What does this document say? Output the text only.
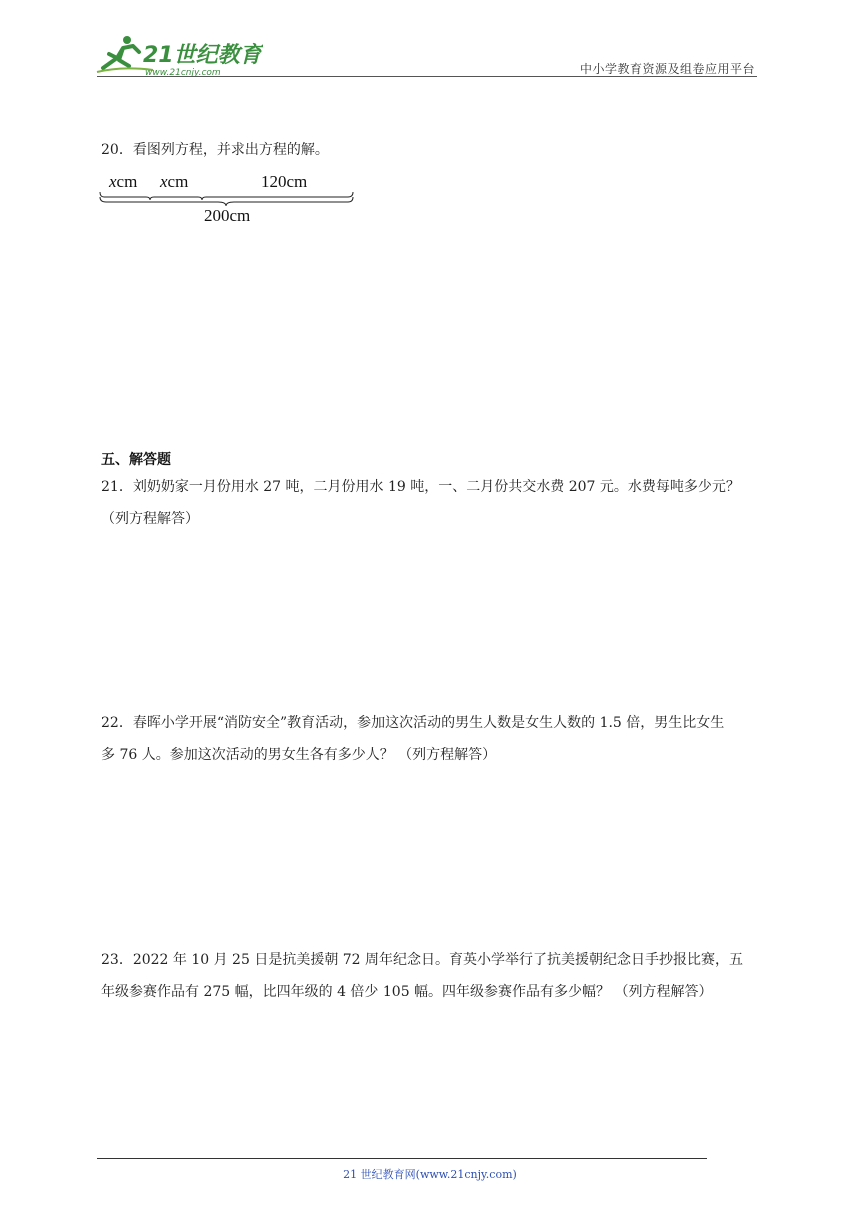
21世纪教育
www.21cnjy.com	中小学教育资源及组卷应用平台

20．看图列方程，并求出方程的解。

xcm xcm	120cm
200cm
五、解答题

21．刘奶奶家一月份用水 27 吨，二月份用水 19 吨，一、二月份共交水费 207 元。水费每吨多少元？

（列方程解答）

22．春晖小学开展“消防安全”教育活动，参加这次活动的男生人数是女生人数的 1.5 倍，男生比女生

多 76 人。参加这次活动的男女生各有多少人？ （列方程解答）

23．2022 年 10 月 25 日是抗美援朝 72 周年纪念日。育英小学举行了抗美援朝纪念日手抄报比赛，五

年级参赛作品有 275 幅，比四年级的 4 倍少 105 幅。四年级参赛作品有多少幅？ （列方程解答）

21 世纪教育网(www.21cnjy.com)
